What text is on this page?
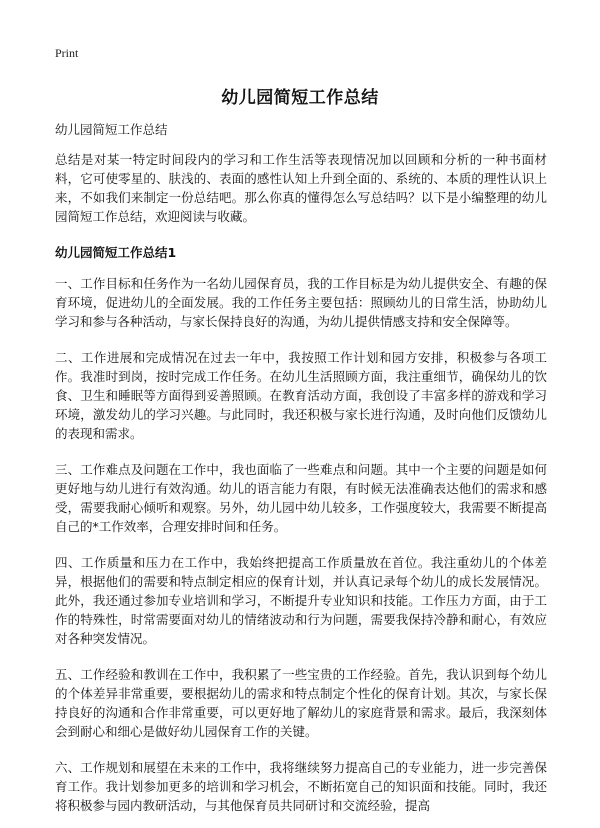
Print
幼儿园简短工作总结
幼儿园简短工作总结

总结是对某一特定时间段内的学习和工作生活等表现情况加以回顾和分析的一种书面材料，它可使零星的、肤浅的、表面的感性认知上升到全面的、系统的、本质的理性认识上来，不如我们来制定一份总结吧。那么你真的懂得怎么写总结吗？以下是小编整理的幼儿园简短工作总结，欢迎阅读与收藏。

幼儿园简短工作总结1

一、工作目标和任务作为一名幼儿园保育员，我的工作目标是为幼儿提供安全、有趣的保育环境，促进幼儿的全面发展。我的工作任务主要包括：照顾幼儿的日常生活，协助幼儿学习和参与各种活动，与家长保持良好的沟通，为幼儿提供情感支持和安全保障等。

二、工作进展和完成情况在过去一年中，我按照工作计划和园方安排，积极参与各项工作。我准时到岗，按时完成工作任务。在幼儿生活照顾方面，我注重细节，确保幼儿的饮食、卫生和睡眠等方面得到妥善照顾。在教育活动方面，我创设了丰富多样的游戏和学习环境，激发幼儿的学习兴趣。与此同时，我还积极与家长进行沟通，及时向他们反馈幼儿的表现和需求。

三、工作难点及问题在工作中，我也面临了一些难点和问题。其中一个主要的问题是如何更好地与幼儿进行有效沟通。幼儿的语言能力有限，有时候无法准确表达他们的需求和感受，需要我耐心倾听和观察。另外，幼儿园中幼儿较多，工作强度较大，我需要不断提高自己的*工作效率，合理安排时间和任务。

四、工作质量和压力在工作中，我始终把提高工作质量放在首位。我注重幼儿的个体差异，根据他们的需要和特点制定相应的保育计划，并认真记录每个幼儿的成长发展情况。此外，我还通过参加专业培训和学习，不断提升专业知识和技能。工作压力方面，由于工作的特殊性，时常需要面对幼儿的情绪波动和行为问题，需要我保持冷静和耐心，有效应对各种突发情况。

五、工作经验和教训在工作中，我积累了一些宝贵的工作经验。首先，我认识到每个幼儿的个体差异非常重要，要根据幼儿的需求和特点制定个性化的保育计划。其次，与家长保持良好的沟通和合作非常重要，可以更好地了解幼儿的家庭背景和需求。最后，我深刻体会到耐心和细心是做好幼儿园保育工作的关键。

六、工作规划和展望在未来的工作中，我将继续努力提高自己的专业能力，进一步完善保育工作。我计划参加更多的培训和学习机会，不断拓宽自己的知识面和技能。同时，我还将积极参与园内教研活动，与其他保育员共同研讨和交流经验，提高
